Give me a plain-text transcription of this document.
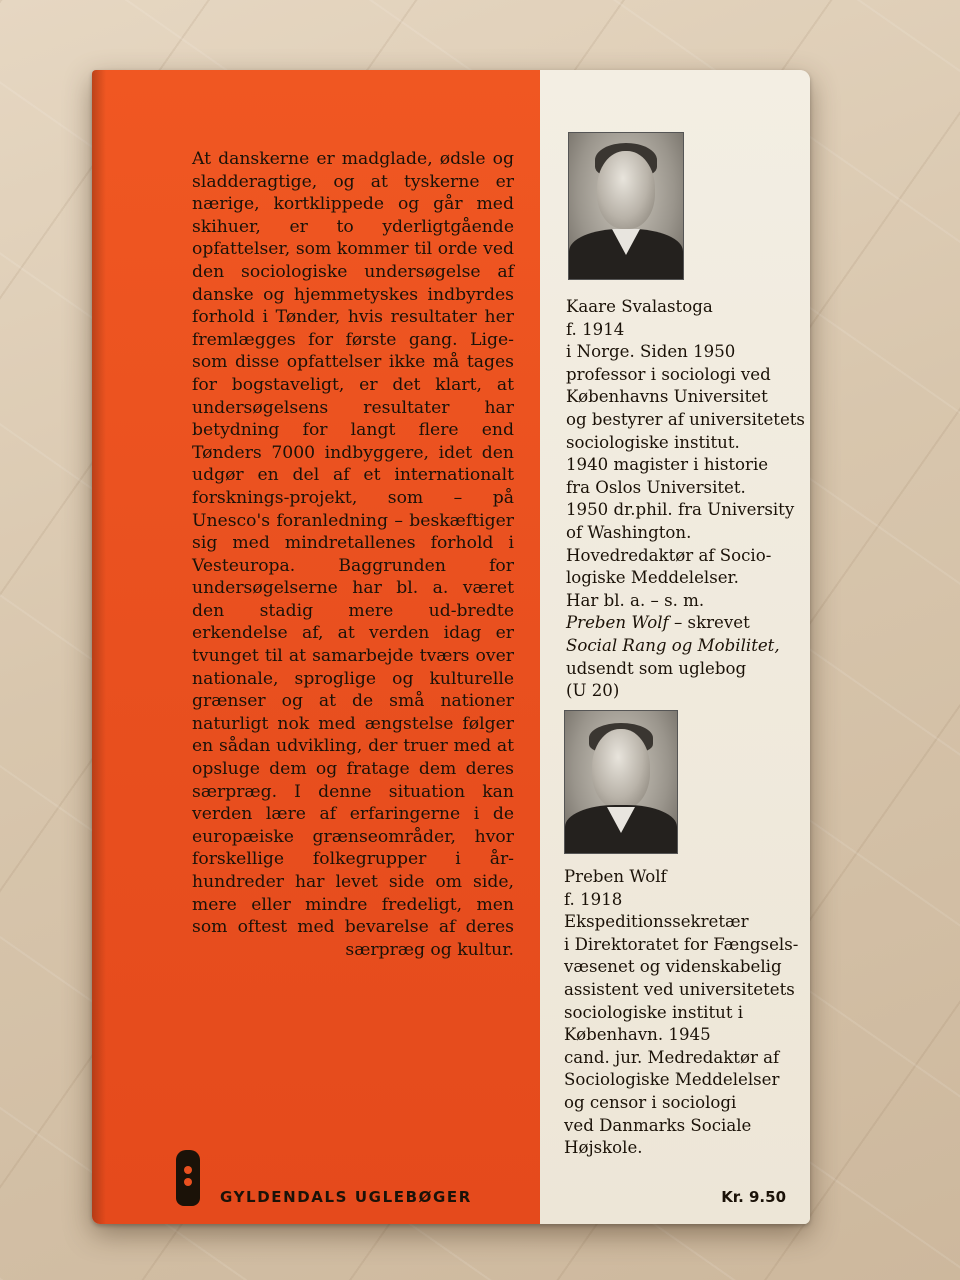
At danskerne er madglade, ødsle og sladderagtige, og at tyskerne er nærige, kortklippede og går med skihuer, er to yderligtgående opfattelser, som kommer til orde ved den sociologiske undersøgelse af danske og hjemmetyskes indbyrdes forhold i Tønder, hvis resultater her fremlægges for første gang. Lige-som disse opfattelser ikke må tages for bogstaveligt, er det klart, at undersøgelsens resultater har betydning for langt flere end Tønders 7000 indbyggere, idet den udgør en del af et internationalt forsknings-projekt, som – på Unesco's foranledning – beskæftiger sig med mindretallenes forhold i Vesteuropa. Baggrunden for undersøgelserne har bl. a. været den stadig mere ud-bredte erkendelse af, at verden idag er tvunget til at samarbejde tværs over nationale, sproglige og kulturelle grænser og at de små nationer naturligt nok med ængstelse følger en sådan udvikling, der truer med at opsluge dem og fratage dem deres særpræg. I denne situation kan verden lære af erfaringerne i de europæiske grænseområder, hvor forskellige folkegrupper i år-hundreder har levet side om side, mere eller mindre fredeligt, men som oftest med bevarelse af deres særpræg og kultur.

GYLDENDALS UGLEBØGER
Kaare Svalastoga
f. 1914
i Norge. Siden 1950
professor i sociologi ved
Københavns Universitet
og bestyrer af universitetets
sociologiske institut.
1940 magister i historie
fra Oslos Universitet.
1950 dr.phil. fra University
of Washington.
Hovedredaktør af Socio-
logiske Meddelelser.
Har bl. a. – s. m.
Preben Wolf – skrevet
Social Rang og Mobilitet,
udsendt som uglebog
(U 20)
Preben Wolf
f. 1918
Ekspeditionssekretær
i Direktoratet for Fængsels-
væsenet og videnskabelig
assistent ved universitetets
sociologiske institut i
København. 1945
cand. jur. Medredaktør af
Sociologiske Meddelelser
og censor i sociologi
ved Danmarks Sociale
Højskole.
Kr. 9.50
